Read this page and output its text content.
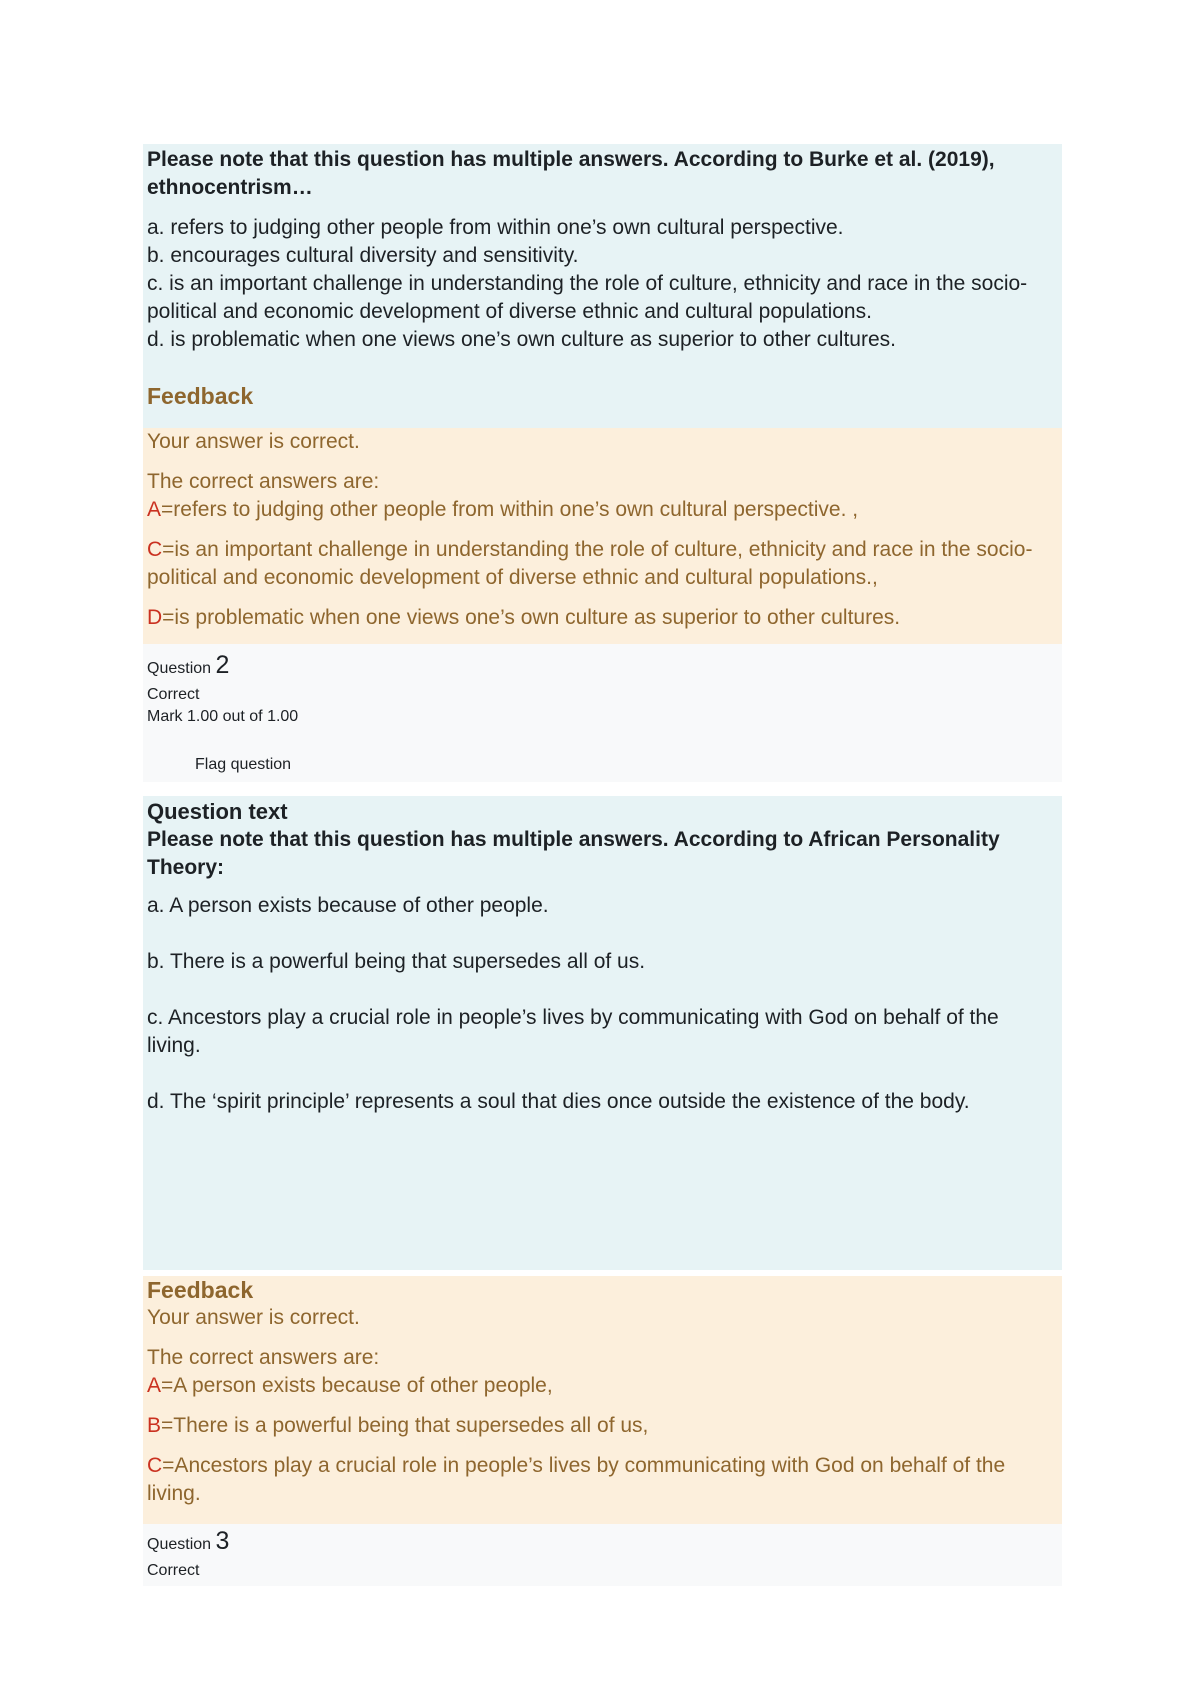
Please note that this question has multiple answers. According to Burke et al. (2019), ethnocentrism…
a. refers to judging other people from within one’s own cultural perspective.
b. encourages cultural diversity and sensitivity.
c. is an important challenge in understanding the role of culture, ethnicity and race in the socio-political and economic development of diverse ethnic and cultural populations.
d. is problematic when one views one’s own culture as superior to other cultures.
Feedback
Your answer is correct.
The correct answers are:
A=refers to judging other people from within one’s own cultural perspective. ,
C=is an important challenge in understanding the role of culture, ethnicity and race in the socio-political and economic development of diverse ethnic and cultural populations.,
D=is problematic when one views one’s own culture as superior to other cultures.
Question 2
Correct
Mark 1.00 out of 1.00
Flag question
Question text
Please note that this question has multiple answers. According to African Personality Theory:
a. A person exists because of other people.
b. There is a powerful being that supersedes all of us.
c. Ancestors play a crucial role in people’s lives by communicating with God on behalf of the living.
d. The ‘spirit principle’ represents a soul that dies once outside the existence of the body.
Feedback
Your answer is correct.
The correct answers are:
A=A person exists because of other people,
B=There is a powerful being that supersedes all of us,
C=Ancestors play a crucial role in people’s lives by communicating with God on behalf of the living.
Question 3
Correct
